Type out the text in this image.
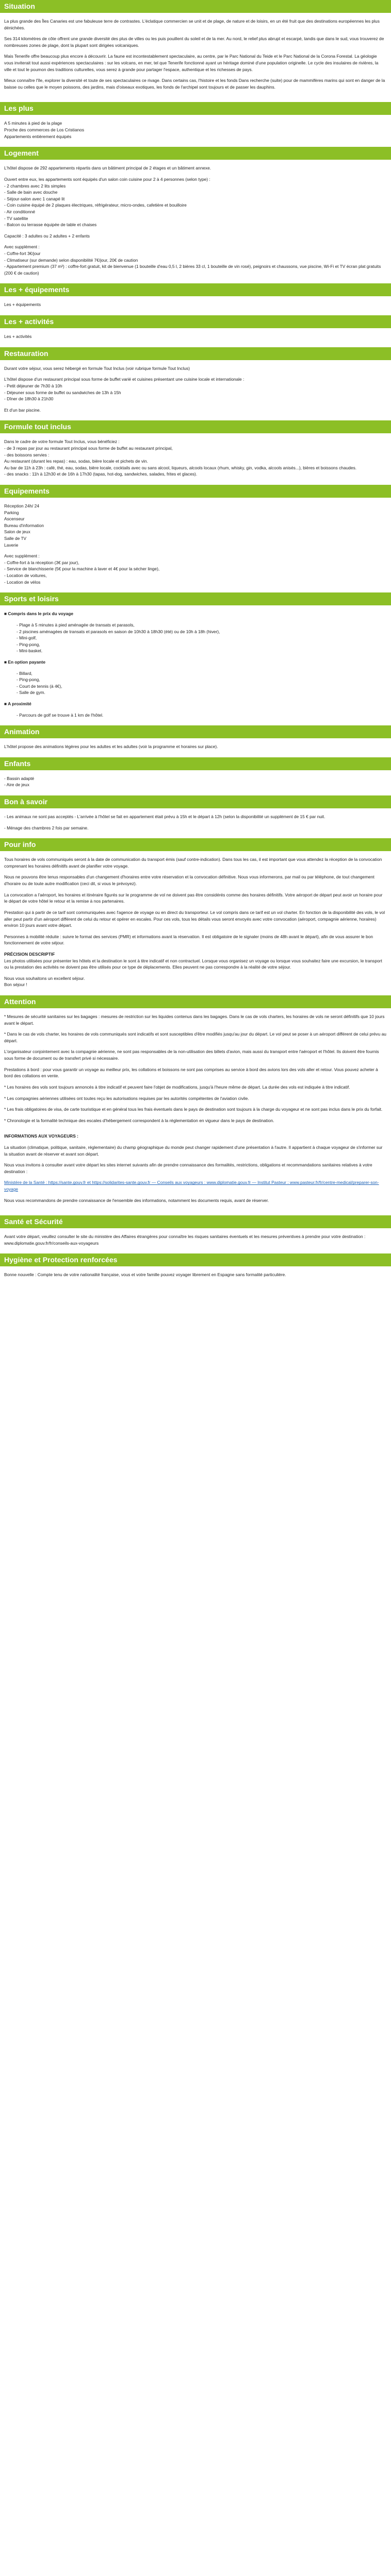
Situation

La plus grande des Îles Canaries est une fabuleuse terre de contrastes. L'éclatique commercien se unit et de plage, de nature et de loisirs, en un été fruit que des destinations européennes les plus dénichées.

Ses 314 kilomètres de côte offrent une grande diversité des plus de villes ou les puis pouillent du soleil et de la mer. Au nord, le relief plus abrupt et escarpé, tandis que dans le sud, vous trouverez de nombreuses zones de plage, dont la plupart sont dirigées volcaniques.

Mais Tenerife offre beaucoup plus encore à découvrir. La faune est incontestablement spectaculaire, au centre, par le Parc National du Teide et le Parc National de la Corona Forestal. La géologie vous inviterait tout aussi expériences spectaculaires : sur les volcans, en mer, tel que Tenerife fonctionné ayant un héritage dominé d'une population originelle. Le cycle des insulaires de rivières, la ville et tout le poumon des traditions culturelles, vous serez à grande pour partager l'espace, authentique et les richesses de pays.

Mieux connaître l'île, explorer la diversité et toute de ses spectaculaires ce rivage. Dans certains cas, l'histoire et les fonds Dans recherche (suite) pour de mammifères marins qui sont en danger de la baisse ou celles que le moyen poissons, des jardins, mais d'oiseaux exotiques, les fonds de l'archipel sont toujours et de passer les dauphins.

Les plus
A 5 minutes à pied de la plage
Proche des commerces de Los Cristianos
Appartements entièrement équipés
Logement

L'hôtel dispose de 292 appartements répartis dans un bâtiment principal de 2 étages et un bâtiment annexe.

Ouvert entre eux, les appartements sont équipés d'un salon coin cuisine pour 2 à 4 personnes (selon type) :
- 2 chambres avec 2 lits simples
- Salle de bain avec douche
- Séjour-salon avec 1 canapé lit
- Coin cuisine équipé de 2 plaques électriques, réfrigérateur, micro-ondes, cafetière et bouilloire
- Air conditionné
- TV satellite
- Balcon ou terrasse équipée de table et chaises

Capacité : 3 adultes ou 2 adultes + 2 enfants

Avec supplément :
- Coffre-fort 3€/jour
- Climatiseur (sur demande) selon disponibilité 7€/jour, 20€ de caution
- Appartement premium (37 m²) : coffre-fort gratuit, kit de bienvenue (1 bouteille d'eau 0,5 l, 2 bières 33 cl, 1 bouteille de vin rosé), peignoirs et chaussons, vue piscine, Wi-Fi et TV écran plat gratuits (200 € de caution)
Les + équipements
Les + équipements
Les + activités
Les + activités
Restauration

Durant votre séjour, vous serez hébergé en formule Tout Inclus (voir rubrique formule Tout Inclus)

L'hôtel dispose d'un restaurant principal sous forme de buffet varié et cuisines présentant une cuisine locale et internationale :
- Petit déjeuner de 7h30 à 10h
- Déjeuner sous forme de buffet ou sandwiches de 13h à 15h
- Dîner de 18h30 à 21h30
Et d'un bar piscine.
Formule tout inclus
Dans le cadre de votre formule Tout Inclus, vous bénéficiez :
- de 3 repas par jour au restaurant principal sous forme de buffet au restaurant principal,
- des boissons servies :
Au restaurant (durant les repas) : eau, sodas, bière locale et pichets de vin.
Au bar de 11h à 23h : café, thé, eau, sodas, bière locale, cocktails avec ou sans alcool, liqueurs, alcools locaux (rhum, whisky, gin, vodka, alcools anisés...), bières et boissons chaudes.
- des snacks : 11h à 12h30 et de 16h à 17h30 (tapas, hot-dog, sandwiches, salades, frites et glaces).
Equipements
Réception 24h/ 24
Parking
Ascenseur
Bureau d'information
Salon de jeux
Salle de TV
Laverie
Avec supplément :
- Coffre-fort à la réception (3€ par jour),
- Service de blanchisserie (5€ pour la machine à laver et 4€ pour la sécher linge),
- Location de voitures,
- Location de vélos
Sports et loisirs
■ Compris dans le prix du voyage
- Plage à 5 minutes à pied aménagée de transats et parasols,
- 2 piscines aménagées de transats et parasols en saison de 10h30 à 18h30 (été) ou de 10h à 18h (hiver),
- Mini-golf,
- Ping-pong,
- Mini-basket.
■ En option payante
- Billard,
- Ping-pong,
- Court de tennis (à 4€),
- Salle de gym.
■ A proximité
- Parcours de golf se trouve à 1 km de l'hôtel.
Animation
L'hôtel propose des animations légères pour les adultes et les adultes (voir la programme et horaires sur place).
Enfants
- Bassin adapté
- Aire de jeux
Bon à savoir

- Les animaux ne sont pas acceptés - L'arrivée à l'hôtel se fait en appartement était prévu à 15h et le départ à 12h (selon la disponibilité un supplément de 15 € par nuit.

- Ménage des chambres 2 fois par semaine.
Pour info

Tous horaires de vols communiqués seront à la date de communication du transport émis (sauf contre-indication). Dans tous les cas, il est important que vous attendez la réception de la convocation comprenant les horaires définitifs avant de planifier votre voyage.

Nous ne pouvons être tenus responsables d'un changement d'horaires entre votre réservation et la convocation définitive. Nous vous informerons, par mail ou par téléphone, de tout changement d'horaire ou de toute autre modification (ceci dit, si vous le prévoyez).

La convocation a l'aéroport, les horaires et itinéraire figurés sur le programme de vol ne doivent pas être considérés comme des horaires définitifs. Votre aéroport de départ peut avoir un horaire pour le départ de votre hôtel le retour et la remise à nos partenaires.

Prestation qui à partir de ce tarif sont communiquées avec l'agence de voyage ou en direct du transporteur. Le vol compris dans ce tarif est un vol charter. En fonction de la disponibilité des vols, le vol aller peut partir d'un aéroport différent de celui du retour et opérer en escales. Pour ces vols, tous les détails vous seront envoyés avec votre convocation (aéroport, compagnie aérienne, horaires) environ 10 jours avant votre départ.

Personnes à mobilité réduite : suivre le format des services (PMR) et informations avant la réservation. Il est obligatoire de le signaler (moins de 48h avant le départ), afin de vous assurer le bon fonctionnement de votre séjour.

PRÉCISION DESCRIPTIF

Les photos utilisées pour présenter les hôtels et la destination le sont à titre indicatif et non contractuel. Lorsque vous organisez un voyage ou lorsque vous souhaitez faire une excursion, le transport ou la prestation des activités ne doivent pas être utilisés pour ce type de déplacements. Elles peuvent ne pas correspondre à la réalité de votre séjour.

Nous vous souhaitons un excellent séjour.
Bon séjour !
Attention

* Mesures de sécurité sanitaires sur les bagages : mesures de restriction sur les liquides contenus dans les bagages. Dans le cas de vols charters, les horaires de vols ne seront définitifs que 10 jours avant le départ.

* Dans le cas de vols charter, les horaires de vols communiqués sont indicatifs et sont susceptibles d'être modifiés jusqu'au jour du départ. Le vol peut se poser à un aéroport différent de celui prévu au départ.

L'organisateur conjointement avec la compagnie aérienne, ne sont pas responsables de la non-utilisation des billets d'avion, mais aussi du transport entre l'aéroport et l'hôtel. Ils doivent être fournis sous forme de document ou de transfert privé si nécessaire.

Prestations à bord : pour vous garantir un voyage au meilleur prix, les collations et boissons ne sont pas comprises au service à bord des avions lors des vols aller et retour. Vous pouvez acheter à bord des collations en vente.

* Les horaires des vols sont toujours annoncés à titre indicatif et peuvent faire l'objet de modifications, jusqu'à l'heure même de départ. La durée des vols est indiquée à titre indicatif.

* Les compagnies aériennes utilisées ont toutes reçu les autorisations requises par les autorités compétentes de l'aviation civile.

* Les frais obligatoires de visa, de carte touristique et en général tous les frais éventuels dans le pays de destination sont toujours à la charge du voyageur et ne sont pas inclus dans le prix du forfait.

* Chronologie et la formalité technique des escales d'hébergement correspondent à la réglementation en vigueur dans le pays de destination.

INFORMATIONS AUX VOYAGEURS :

La situation (climatique, politique, sanitaire, réglementaire) du champ géographique du monde peut changer rapidement d'une présentation à l'autre. Il appartient à chaque voyageur de s'informer sur la situation avant de réserver et avant son départ.

Nous vous invitons à consulter avant votre départ les sites internet suivants afin de prendre connaissance des formalités, restrictions, obligations et recommandations sanitaires relatives à votre destination :

Ministère de la Santé : https://sante.gouv.fr et https://solidarites-sante.gouv.fr — Conseils aux voyageurs : www.diplomatie.gouv.fr — Institut Pasteur : www.pasteur.fr/fr/centre-medical/preparer-son-voyage

Nous vous recommandons de prendre connaissance de l'ensemble des informations, notamment les documents requis, avant de réserver.

Santé et Sécurité
Avant votre départ, veuillez consulter le site du ministère des Affaires étrangères pour connaître les risques sanitaires éventuels et les mesures préventives à prendre pour votre destination : www.diplomatie.gouv.fr/fr/conseils-aux-voyageurs
Hygiène et Protection renforcées
Bonne nouvelle : Compte tenu de votre nationalité française, vous et votre famille pouvez voyager librement en Espagne sans formalité particulière.
